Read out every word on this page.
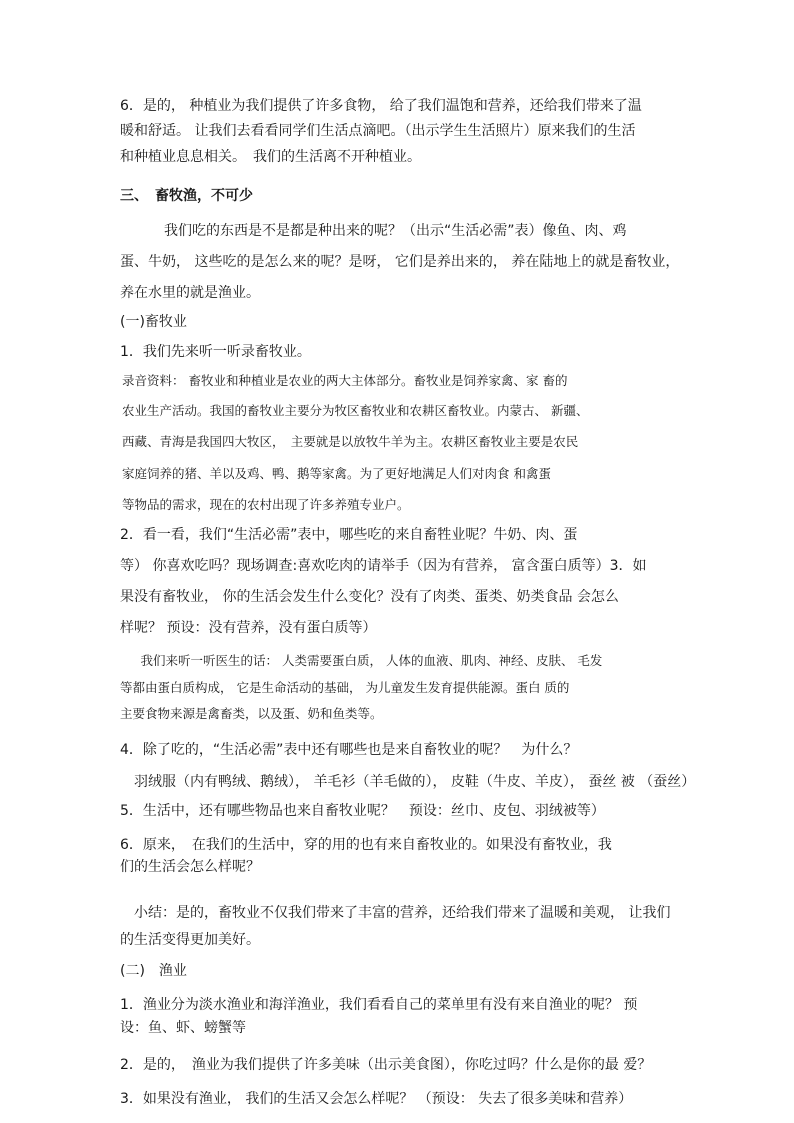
6．是的， 种植业为我们提供了许多食物， 给了我们温饱和营养，还给我们带来了温
暖和舒适。 让我们去看看同学们生活点滴吧。（出示学生生活照片）原来我们的生活
和种植业息息相关。　我们的生活离不开种植业。
三、　畜牧渔，不可少
　我们吃的东西是不是都是种出来的呢？（出示“生活必需”表）像鱼、肉、鸡
蛋、牛奶， 这些吃的是怎么来的呢？是呀， 它们是养出来的， 养在陆地上的就是畜牧业，
养在水里的就是渔业。
(一)畜牧业
1．我们先来听一听录畜牧业。
录音资料： 畜牧业和种植业是农业的两大主体部分。畜牧业是饲养家禽、家 畜的
农业生产活动。我国的畜牧业主要分为牧区畜牧业和农耕区畜牧业。内蒙古、 新疆、
西藏、青海是我国四大牧区，　主要就是以放牧牛羊为主。农耕区畜牧业主要是农民
家庭饲养的猪、羊以及鸡、鸭、鹅等家禽。为了更好地满足人们对肉食 和禽蛋
等物品的需求，现在的农村出现了许多养殖专业户。
2．看一看，我们“生活必需”表中，哪些吃的来自畜牲业呢？牛奶、肉、蛋
等） 你喜欢吃吗？现场调查:喜欢吃肉的请举手（因为有营养， 富含蛋白质等）3．如
果没有畜牧业， 你的生活会发生什么变化？没有了肉类、蛋类、奶类食品 会怎么
样呢？ 预设：没有营养，没有蛋白质等）
　我们来听一听医生的话： 人类需要蛋白质， 人体的血液、肌肉、神经、皮肤、 毛发
等都由蛋白质构成， 它是生命活动的基础， 为儿童发生发育提供能源。蛋白 质的
主要食物来源是禽畜类，以及蛋、奶和鱼类等。
4．除了吃的，“生活必需”表中还有哪些也是来自畜牧业的呢？　为什么？
　羽绒服（内有鸭绒、鹅绒）， 羊毛衫（羊毛做的）， 皮鞋（牛皮、羊皮）， 蚕丝 被 （蚕丝）
5．生活中，还有哪些物品也来自畜牧业呢？　预设：丝巾、皮包、羽绒被等）
6．原来，　在我们的生活中，穿的用的也有来自畜牧业的。如果没有畜牧业，我
们的生活会怎么样呢？
　小结：是的，畜牧业不仅我们带来了丰富的营养，还给我们带来了温暖和美观， 让我们
的生活变得更加美好。
(二)　渔业
1．渔业分为淡水渔业和海洋渔业，我们看看自己的菜单里有没有来自渔业的呢？ 预
设：鱼、虾、螃蟹等
2．是的，　渔业为我们提供了许多美味（出示美食图），你吃过吗？什么是你的最 爱？
3．如果没有渔业， 我们的生活又会怎么样呢？ （预设： 失去了很多美味和营养）
